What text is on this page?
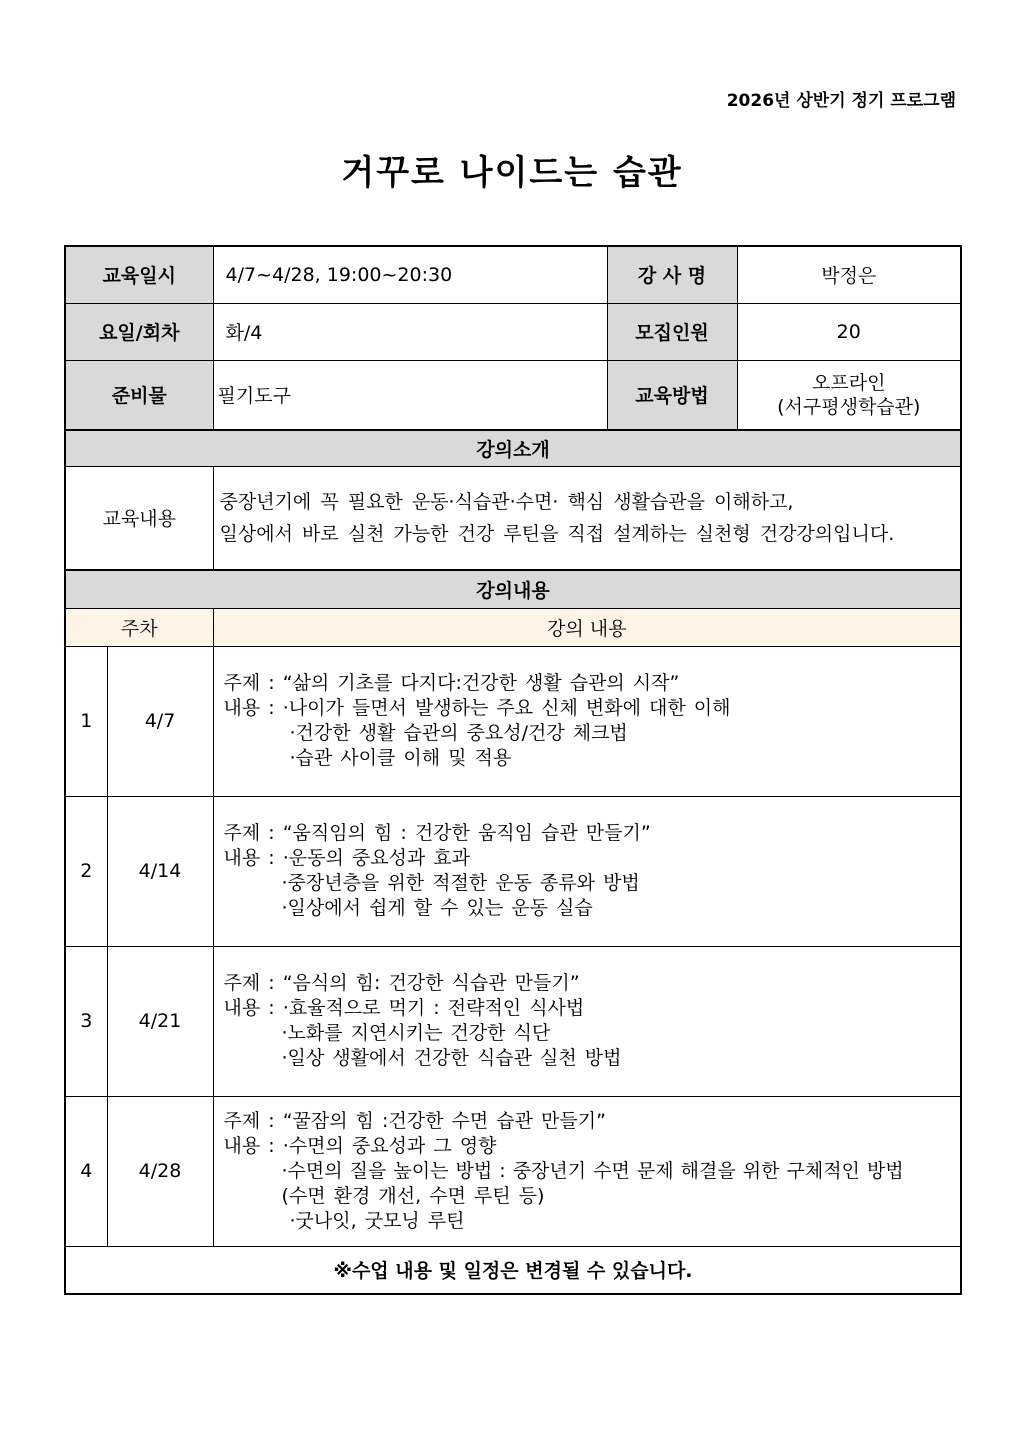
2026년 상반기 정기 프로그램
거꾸로 나이드는 습관
교육일시		4/7~4/28, 19:00~20:30	강 사 명	박정은
요일/회차		화/4	모집인원	20
준비물		필기도구	교육방법	오프라인
(서구평생학습관)

강의소개				
교육내용		중장년기에 꼭 필요한 운동·식습관·수면· 핵심 생활습관을 이해하고,
일상에서 바로 실천 가능한 건강 루틴을 직접 설계하는 실천형 건강강의입니다.		

강의내용				
주차		강의 내용		
1	4/7	주제 : “삶의 기초를 다지다:건강한 생활 습관의 시작”
내용 : ·나이가 들면서 발생하는 주요 신체 변화에 대한 이해
·건강한 생활 습관의 중요성/건강 체크법
·습관 사이클 이해 및 적용		

2	4/14	주제 : “움직임의 힘 : 건강한 움직임 습관 만들기”
내용 : ·운동의 중요성과 효과
·중장년층을 위한 적절한 운동 종류와 방법
·일상에서 쉽게 할 수 있는 운동 실습		

3	4/21	주제 : “음식의 힘: 건강한 식습관 만들기”
내용 : ·효율적으로 먹기 : 전략적인 식사법
·노화를 지연시키는 건강한 식단
·일상 생활에서 건강한 식습관 실천 방법		

4	4/28	주제 : “꿀잠의 힘 :건강한 수면 습관 만들기”
내용 : ·수면의 중요성과 그 영향
·수면의 질을 높이는 방법 : 중장년기 수면 문제 해결을 위한 구체적인 방법
(수면 환경 개선, 수면 루틴 등)
·굿나잇, 굿모닝 루틴		

※수업 내용 및 일정은 변경될 수 있습니다.				
